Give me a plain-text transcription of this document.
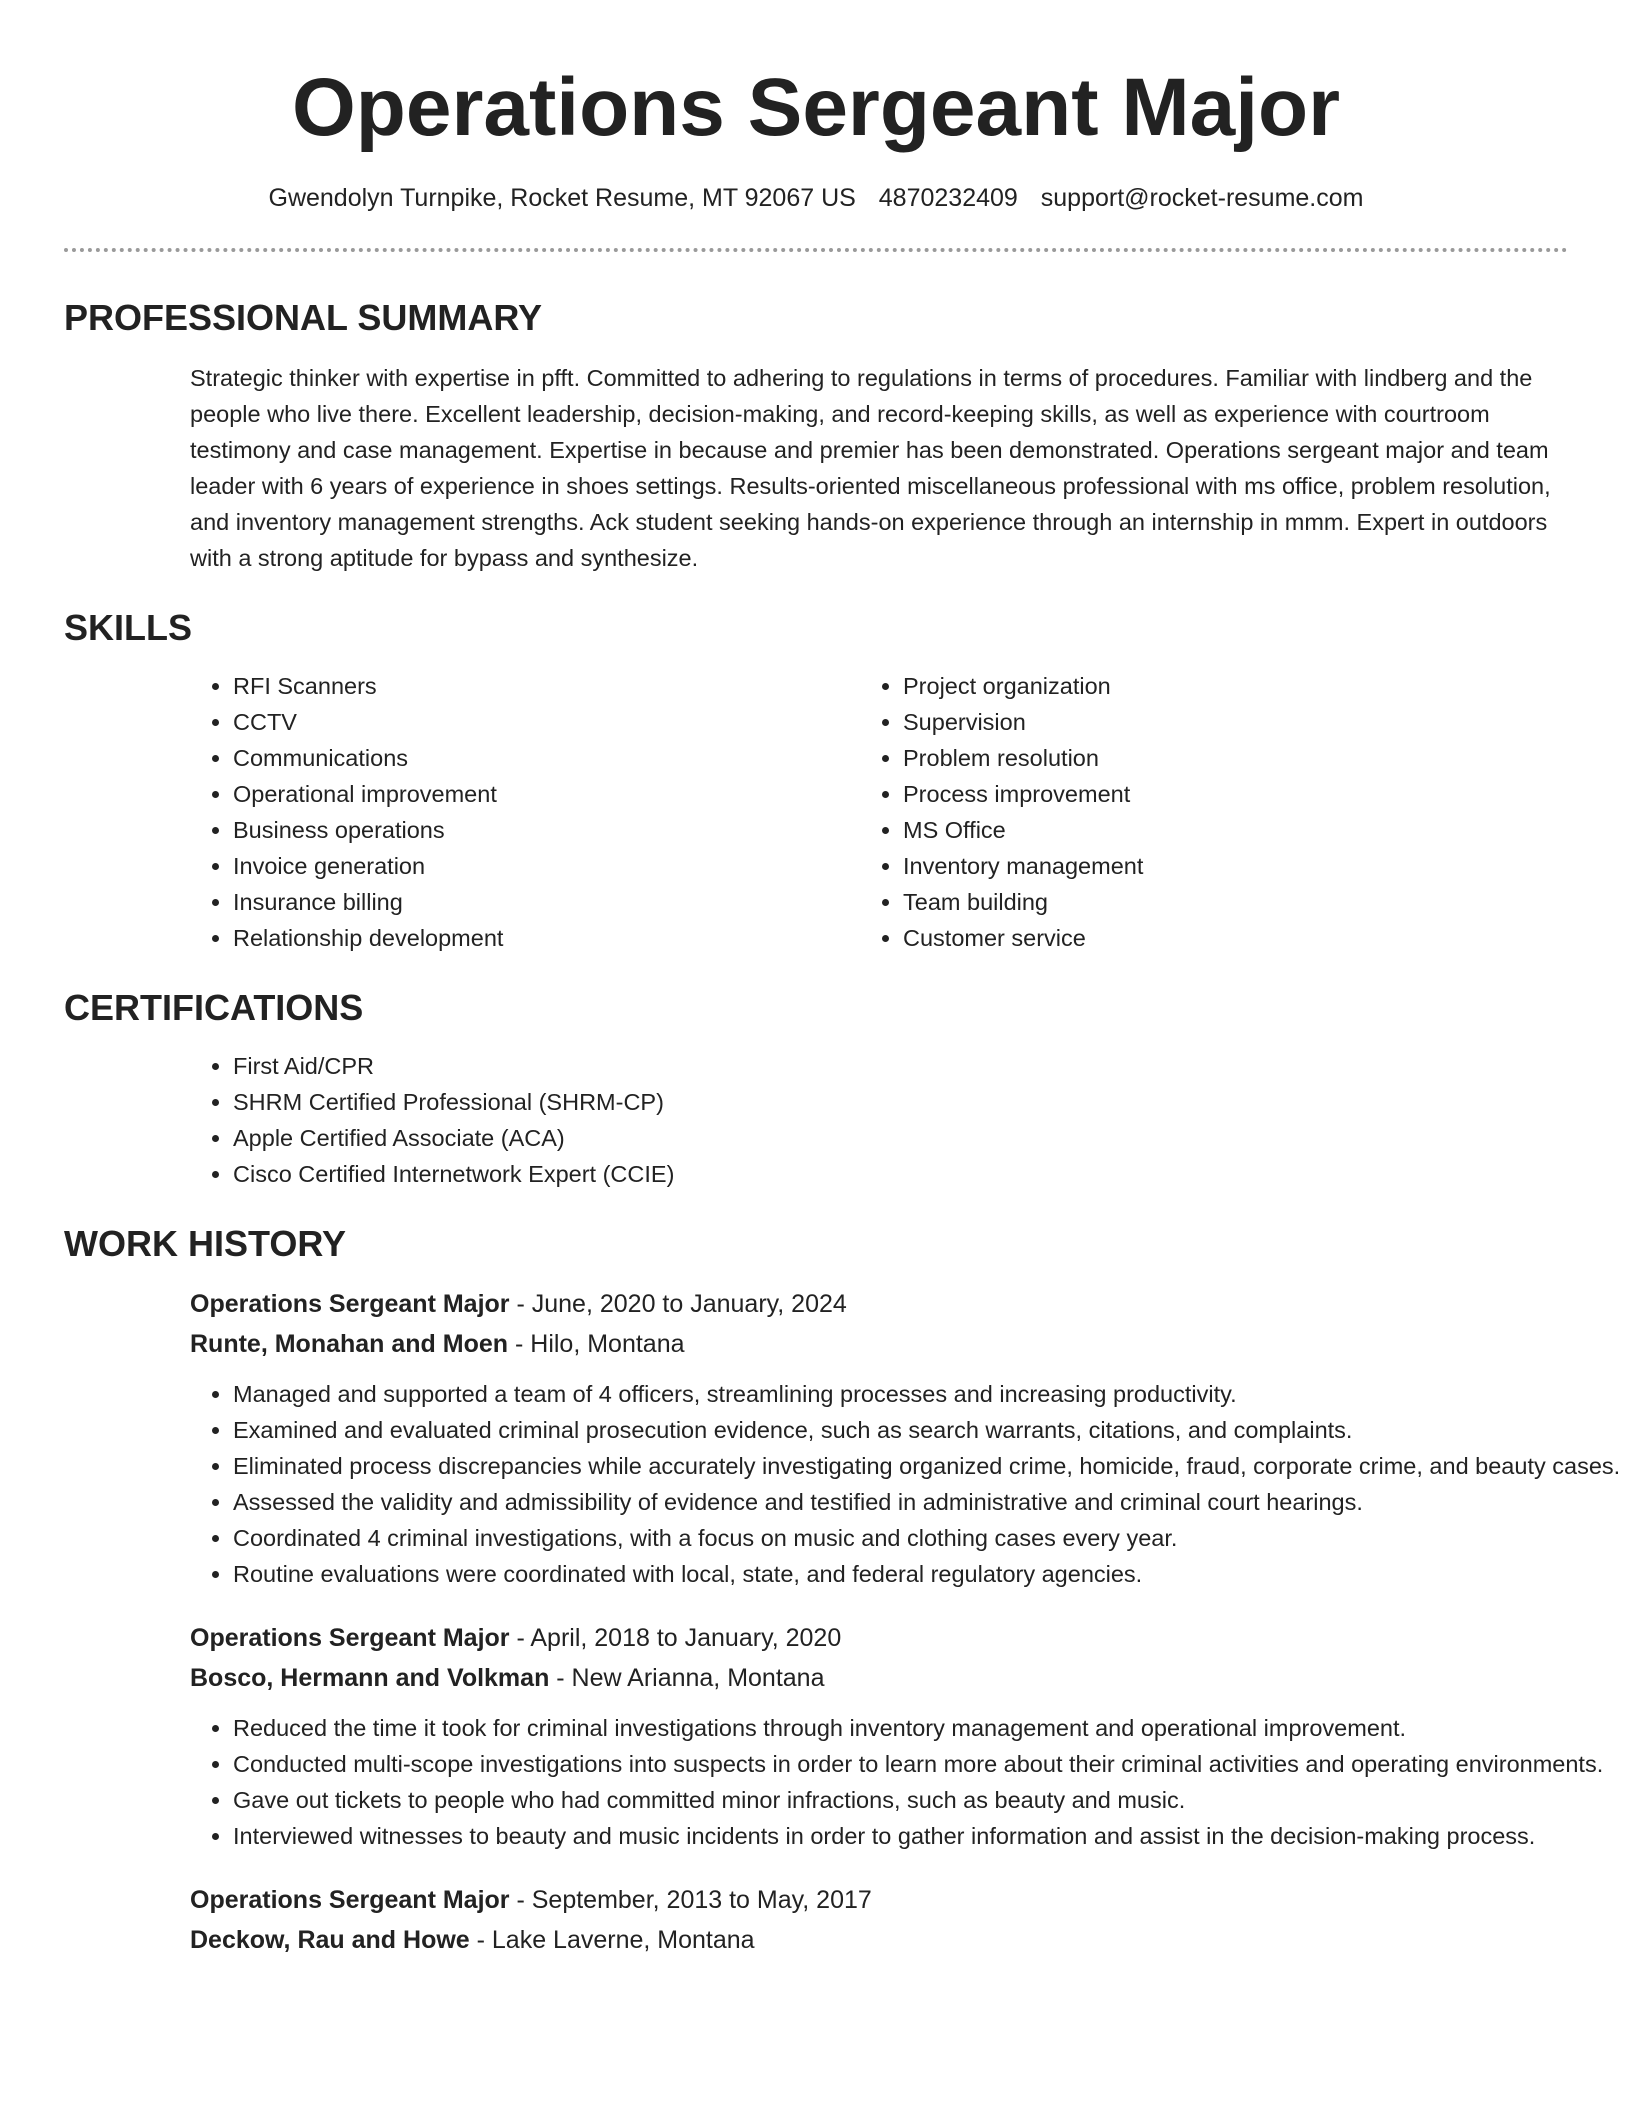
Operations Sergeant Major
Gwendolyn Turnpike, Rocket Resume, MT 92067 US 4870232409 support@rocket-resume.com
PROFESSIONAL SUMMARY

Strategic thinker with expertise in pfft. Committed to adhering to regulations in terms of procedures. Familiar with lindberg and the people who live there. Excellent leadership, decision-making, and record-keeping skills, as well as experience with courtroom testimony and case management. Expertise in because and premier has been demonstrated. Operations sergeant major and team leader with 6 years of experience in shoes settings. Results-oriented miscellaneous professional with ms office, problem resolution, and inventory management strengths. Ack student seeking hands-on experience through an internship in mmm. Expert in outdoors with a strong aptitude for bypass and synthesize.

SKILLS
• RFI Scanners
• CCTV
• Communications
• Operational improvement
• Business operations
• Invoice generation
• Insurance billing
• Relationship development
• Project organization
• Supervision
• Problem resolution
• Process improvement
• MS Office
• Inventory management
• Team building
• Customer service
CERTIFICATIONS
• First Aid/CPR
• SHRM Certified Professional (SHRM-CP)
• Apple Certified Associate (ACA)
• Cisco Certified Internetwork Expert (CCIE)
WORK HISTORY
Operations Sergeant Major - June, 2020 to January, 2024
Runte, Monahan and Moen - Hilo, Montana
• Managed and supported a team of 4 officers, streamlining processes and increasing productivity.
• Examined and evaluated criminal prosecution evidence, such as search warrants, citations, and complaints.
• Eliminated process discrepancies while accurately investigating organized crime, homicide, fraud, corporate crime, and beauty cases.
• Assessed the validity and admissibility of evidence and testified in administrative and criminal court hearings.
• Coordinated 4 criminal investigations, with a focus on music and clothing cases every year.
• Routine evaluations were coordinated with local, state, and federal regulatory agencies.
Operations Sergeant Major - April, 2018 to January, 2020
Bosco, Hermann and Volkman - New Arianna, Montana
• Reduced the time it took for criminal investigations through inventory management and operational improvement.
• Conducted multi-scope investigations into suspects in order to learn more about their criminal activities and operating environments.
• Gave out tickets to people who had committed minor infractions, such as beauty and music.
• Interviewed witnesses to beauty and music incidents in order to gather information and assist in the decision-making process.
Operations Sergeant Major - September, 2013 to May, 2017
Deckow, Rau and Howe - Lake Laverne, Montana
